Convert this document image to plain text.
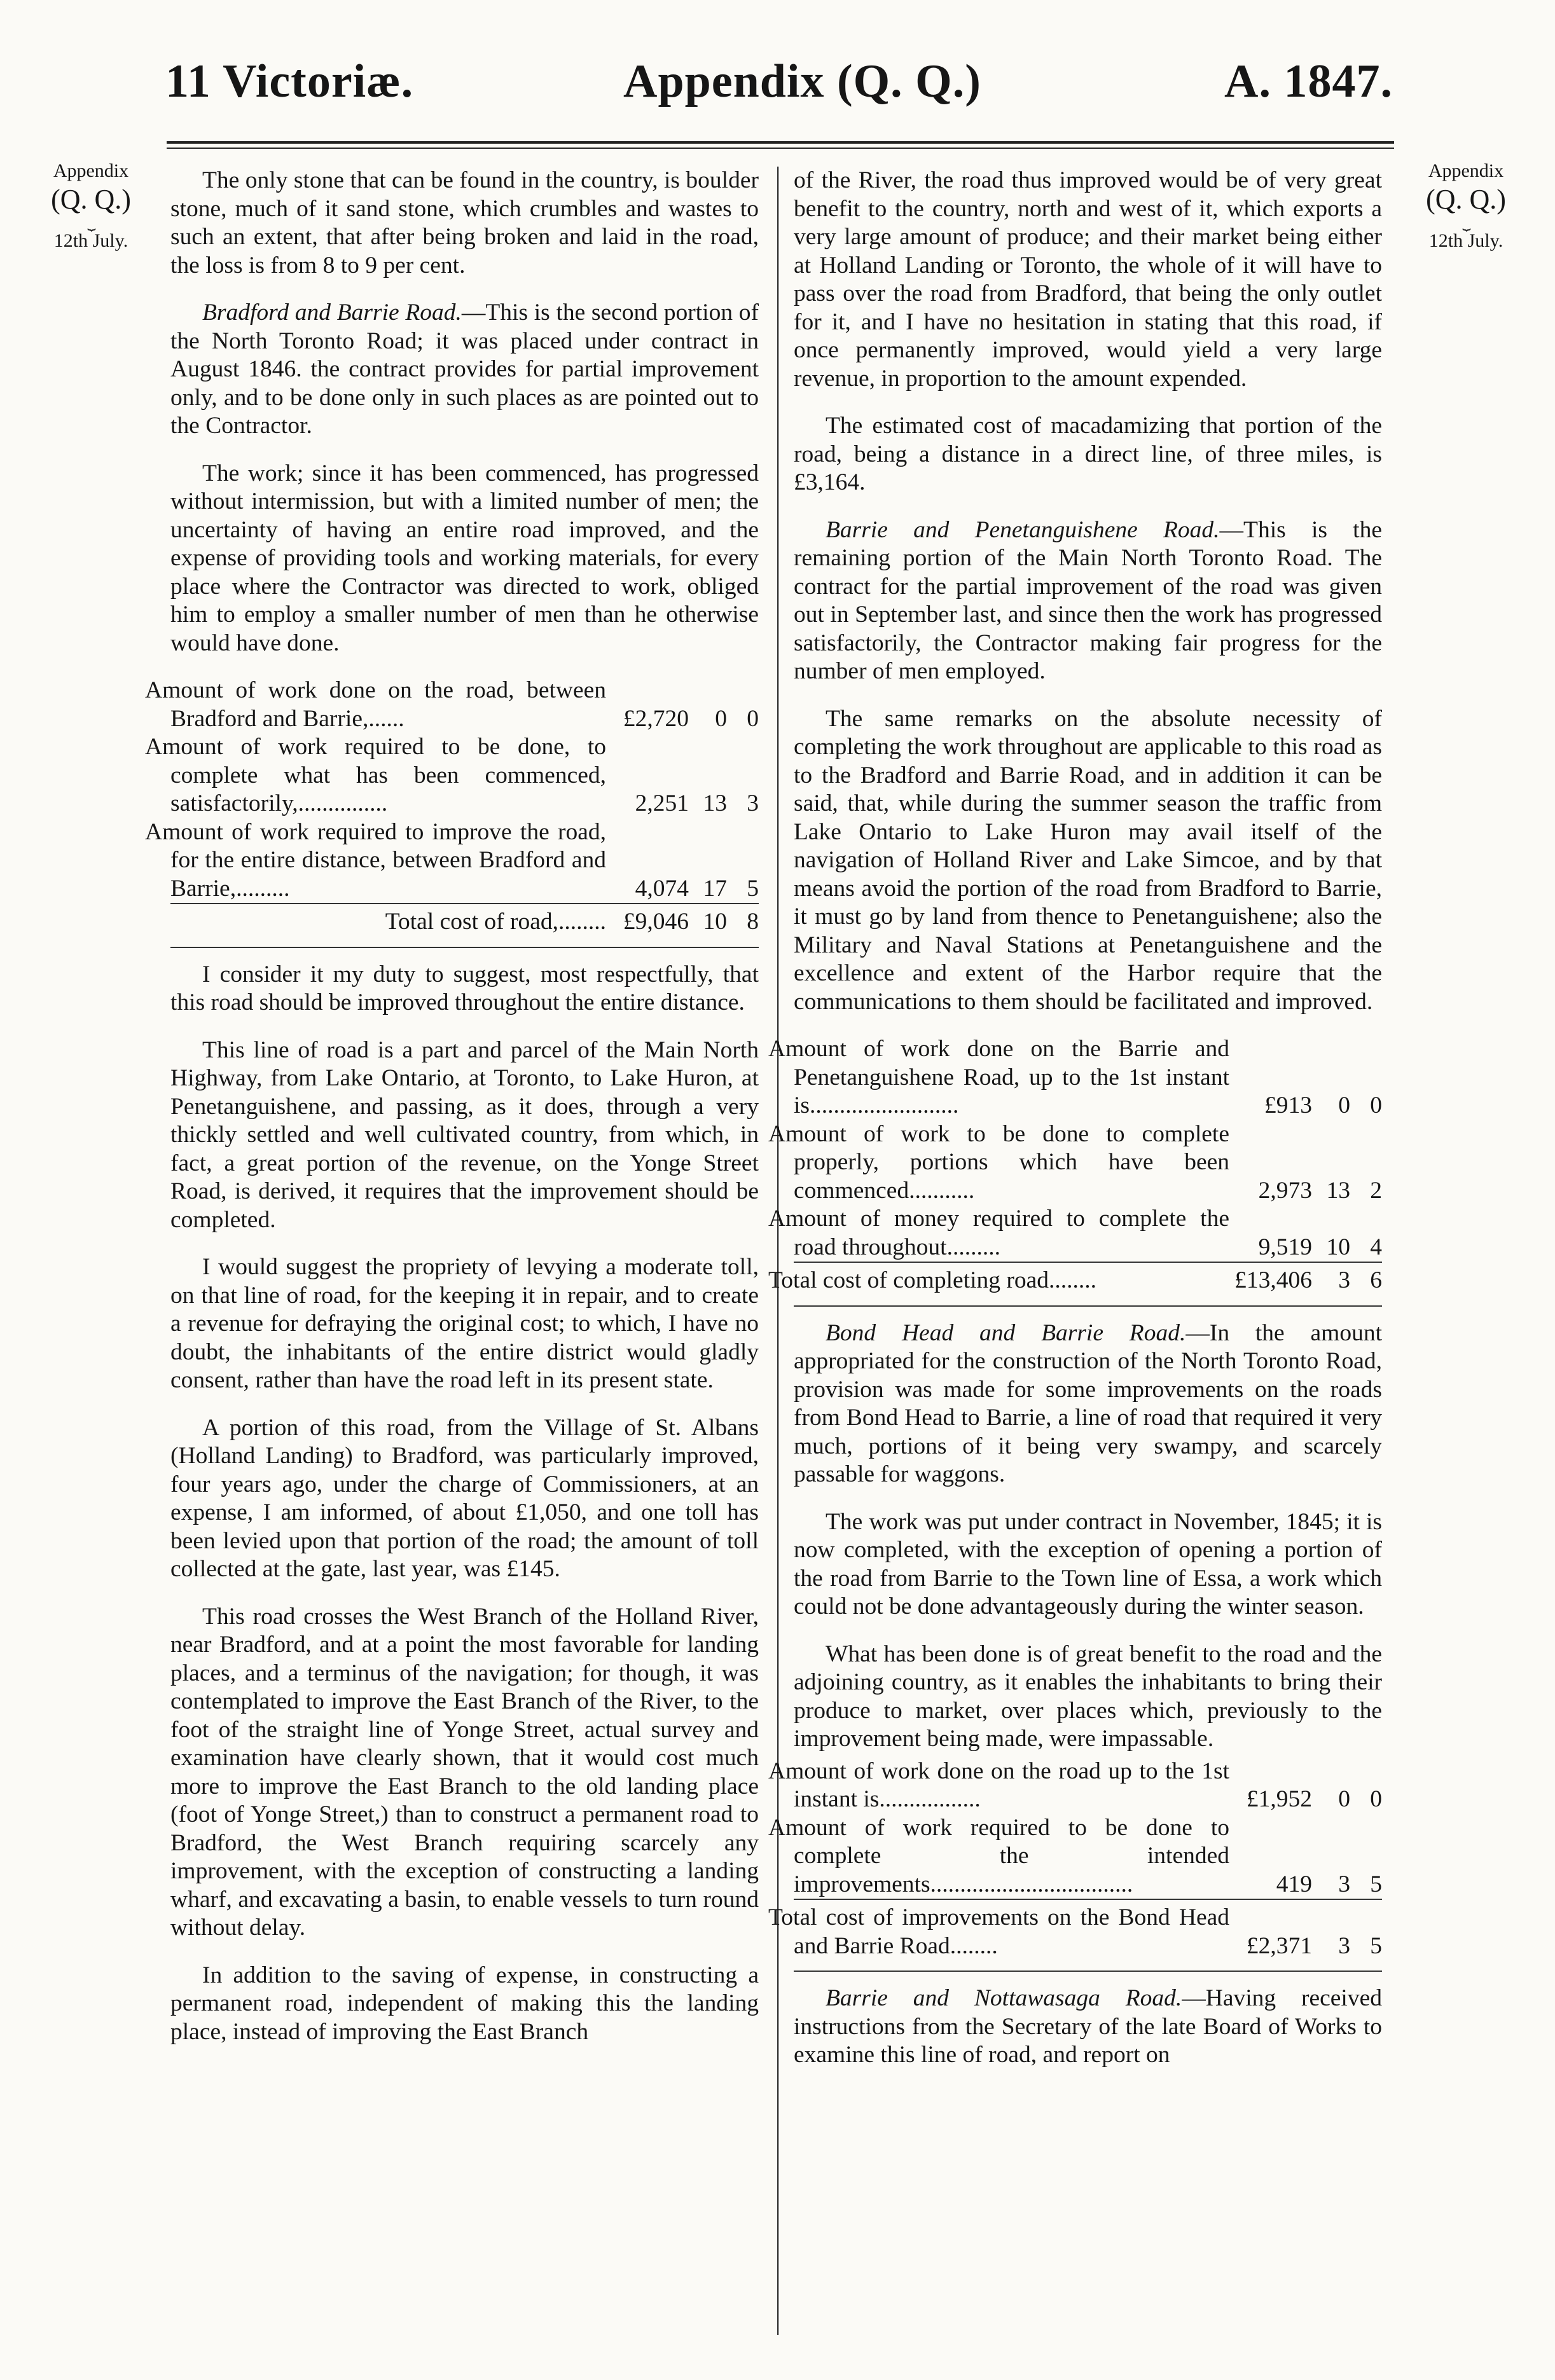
11 Victoriæ.	Appendix (Q. Q.)	A. 1847.
Appendix
(Q. Q.)
⏟
12th July.
Appendix
(Q. Q.)
⏟
12th July.

The only stone that can be found in the country, is boulder stone, much of it sand stone, which crumbles and wastes to such an extent, that after being broken and laid in the road, the loss is from 8 to 9 per cent.

Bradford and Barrie Road.—This is the second portion of the North Toronto Road; it was placed under contract in August 1846. the contract provides for partial improvement only, and to be done only in such places as are pointed out to the Contractor.

The work; since it has been commenced, has progressed without intermission, but with a limited number of men; the uncertainty of having an entire road improved, and the expense of providing tools and working materials, for every place where the Contractor was directed to work, obliged him to employ a smaller number of men than he otherwise would have done.

Amount of work done on the road, between Bradford and Barrie,......	£2,720	0	0
Amount of work required to be done, to complete what has been commenced, satisfactorily,...............	2,251	13	3
Amount of work required to improve the road, for the entire distance, between Bradford and Barrie,.........	4,074	17	5

Total cost of road,........	£9,046	10	8

I consider it my duty to suggest, most respectfully, that this road should be improved throughout the entire distance.

This line of road is a part and parcel of the Main North Highway, from Lake Ontario, at Toronto, to Lake Huron, at Penetanguishene, and passing, as it does, through a very thickly settled and well cultivated country, from which, in fact, a great portion of the revenue, on the Yonge Street Road, is derived, it requires that the improvement should be completed.

I would suggest the propriety of levying a moderate toll, on that line of road, for the keeping it in repair, and to create a revenue for defraying the original cost; to which, I have no doubt, the inhabitants of the entire district would gladly consent, rather than have the road left in its present state.

A portion of this road, from the Village of St. Albans (Holland Landing) to Bradford, was particularly improved, four years ago, under the charge of Commissioners, at an expense, I am informed, of about £1,050, and one toll has been levied upon that portion of the road; the amount of toll collected at the gate, last year, was £145.

This road crosses the West Branch of the Holland River, near Bradford, and at a point the most favorable for landing places, and a terminus of the navigation; for though, it was contemplated to improve the East Branch of the River, to the foot of the straight line of Yonge Street, actual survey and examination have clearly shown, that it would cost much more to improve the East Branch to the old landing place (foot of Yonge Street,) than to construct a permanent road to Bradford, the West Branch requiring scarcely any improvement, with the exception of constructing a landing wharf, and excavating a basin, to enable vessels to turn round without delay.

In addition to the saving of expense, in constructing a permanent road, independent of making this the landing place, instead of improving the East Branch

of the River, the road thus improved would be of very great benefit to the country, north and west of it, which exports a very large amount of produce; and their market being either at Holland Landing or Toronto, the whole of it will have to pass over the road from Bradford, that being the only outlet for it, and I have no hesitation in stating that this road, if once permanently improved, would yield a very large revenue, in proportion to the amount expended.

The estimated cost of macadamizing that portion of the road, being a distance in a direct line, of three miles, is £3,164.

Barrie and Penetanguishene Road.—This is the remaining portion of the Main North Toronto Road. The contract for the partial improvement of the road was given out in September last, and since then the work has progressed satisfactorily, the Contractor making fair progress for the number of men employed.

The same remarks on the absolute necessity of completing the work throughout are applicable to this road as to the Bradford and Barrie Road, and in addition it can be said, that, while during the summer season the traffic from Lake Ontario to Lake Huron may avail itself of the navigation of Holland River and Lake Simcoe, and by that means avoid the portion of the road from Bradford to Barrie, it must go by land from thence to Penetanguishene; also the Military and Naval Stations at Penetanguishene and the excellence and extent of the Harbor require that the communications to them should be facilitated and improved.

Amount of work done on the Barrie and Penetanguishene Road, up to the 1st instant is.........................	£913	0	0
Amount of work to be done to complete properly, portions which have been commenced...........	2,973	13	2
Amount of money required to complete the road throughout.........	9,519	10	4

Total cost of completing road........	£13,406	3	6

Bond Head and Barrie Road.—In the amount appropriated for the construction of the North Toronto Road, provision was made for some improvements on the roads from Bond Head to Barrie, a line of road that required it very much, portions of it being very swampy, and scarcely passable for waggons.

The work was put under contract in November, 1845; it is now completed, with the exception of opening a portion of the road from Barrie to the Town line of Essa, a work which could not be done advantageously during the winter season.

What has been done is of great benefit to the road and the adjoining country, as it enables the inhabitants to bring their produce to market, over places which, previously to the improvement being made, were impassable.

Amount of work done on the road up to the 1st instant is.................	£1,952	0	0
Amount of work required to be done to complete the intended improvements..................................	419	3	5

Total cost of improvements on the Bond Head and Barrie Road........	£2,371	3	5

Barrie and Nottawasaga Road.—Having received instructions from the Secretary of the late Board of Works to examine this line of road, and report on
